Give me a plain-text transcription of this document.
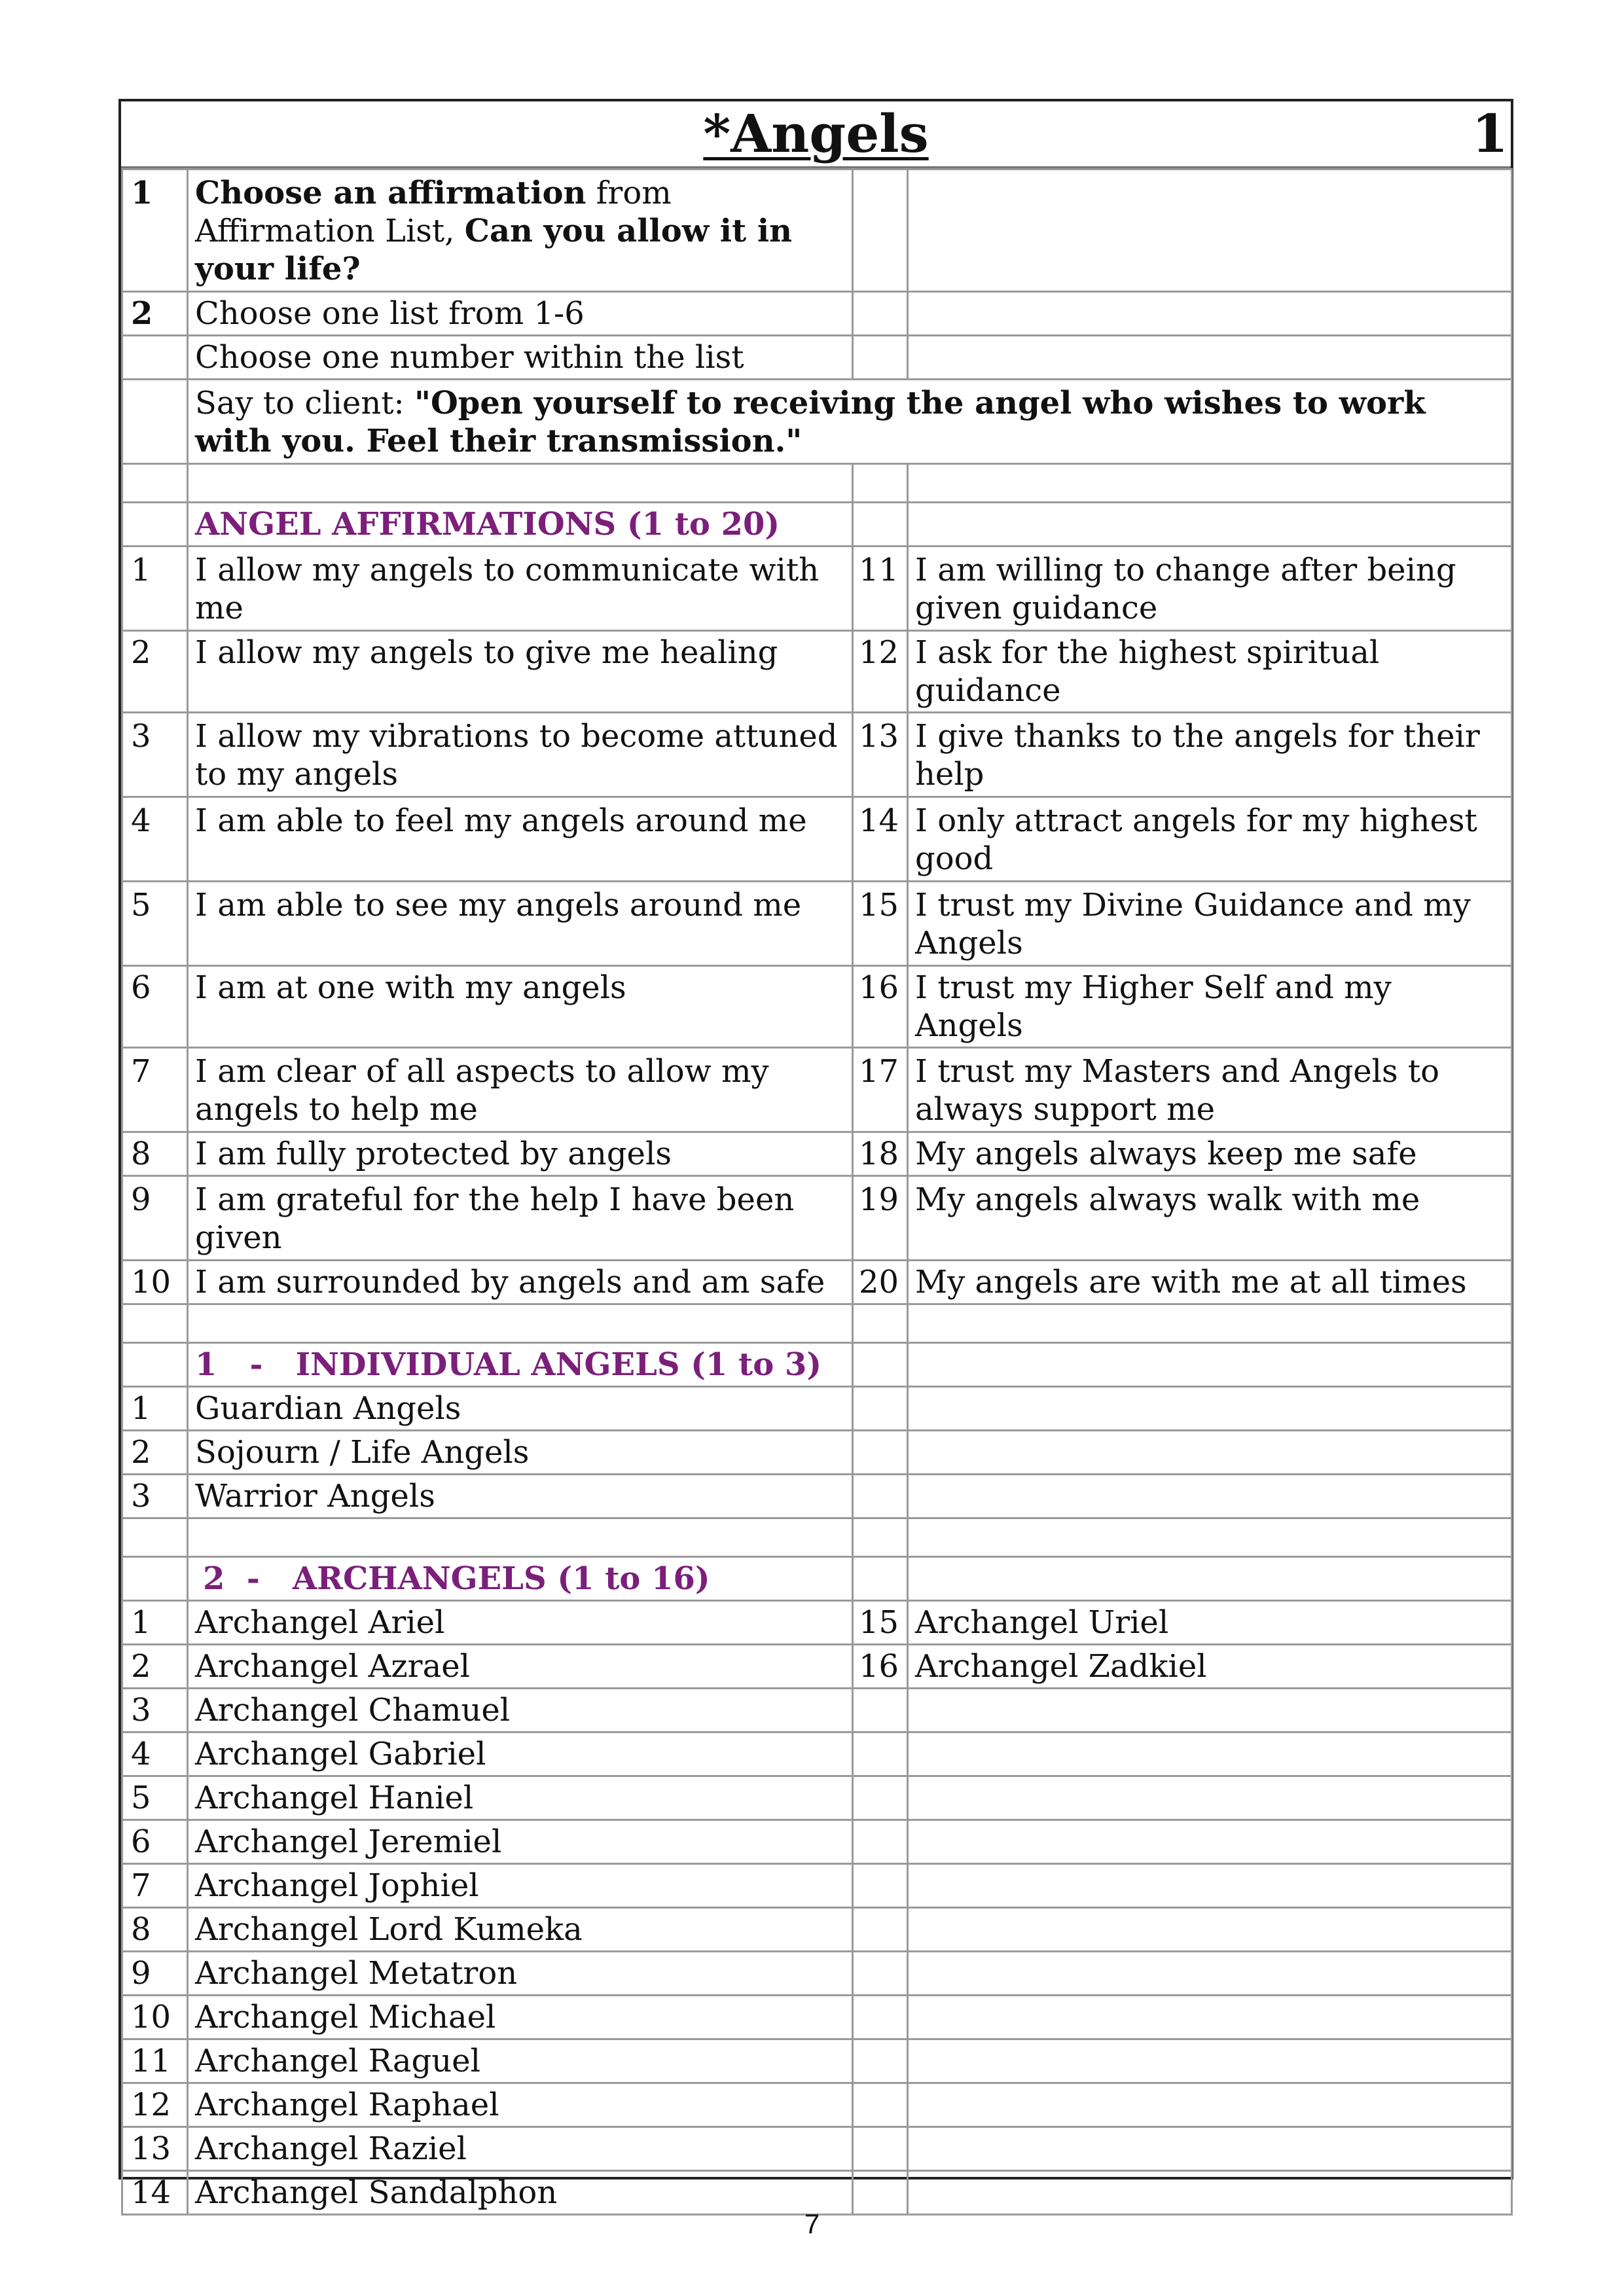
*Angels	1
1	Choose an affirmation from Affirmation List, Can you allow it in your life?		
2	Choose one list from 1-6		
	Choose one number within the list		
	Say to client: "Open yourself to receiving the angel who wishes to work with you. Feel their transmission."		

	ANGEL AFFIRMATIONS (1 to 20)		
1	I allow my angels to communicate with me	11	I am willing to change after being given guidance
2	I allow my angels to give me healing	12	I ask for the highest spiritual guidance
3	I allow my vibrations to become attuned to my angels	13	I give thanks to the angels for their help
4	I am able to feel my angels around me	14	I only attract angels for my highest good
5	I am able to see my angels around me	15	I trust my Divine Guidance and my Angels
6	I am at one with my angels	16	I trust my Higher Self and my Angels
7	I am clear of all aspects to allow my angels to help me	17	I trust my Masters and Angels to always support me
8	I am fully protected by angels	18	My angels always keep me safe
9	I am grateful for the help I have been given	19	My angels always walk with me
10	I am surrounded by angels and am safe	20	My angels are with me at all times

	1   -   INDIVIDUAL ANGELS (1 to 3)		
1	Guardian Angels		
2	Sojourn / Life Angels		
3	Warrior Angels		

	2  -   ARCHANGELS (1 to 16)		
1	Archangel Ariel	15	Archangel Uriel
2	Archangel Azrael	16	Archangel Zadkiel
3	Archangel Chamuel		
4	Archangel Gabriel		
5	Archangel Haniel		
6	Archangel Jeremiel		
7	Archangel Jophiel		
8	Archangel Lord Kumeka		
9	Archangel Metatron		
10	Archangel Michael		
11	Archangel Raguel		
12	Archangel Raphael		
13	Archangel Raziel		
14	Archangel Sandalphon		
7
